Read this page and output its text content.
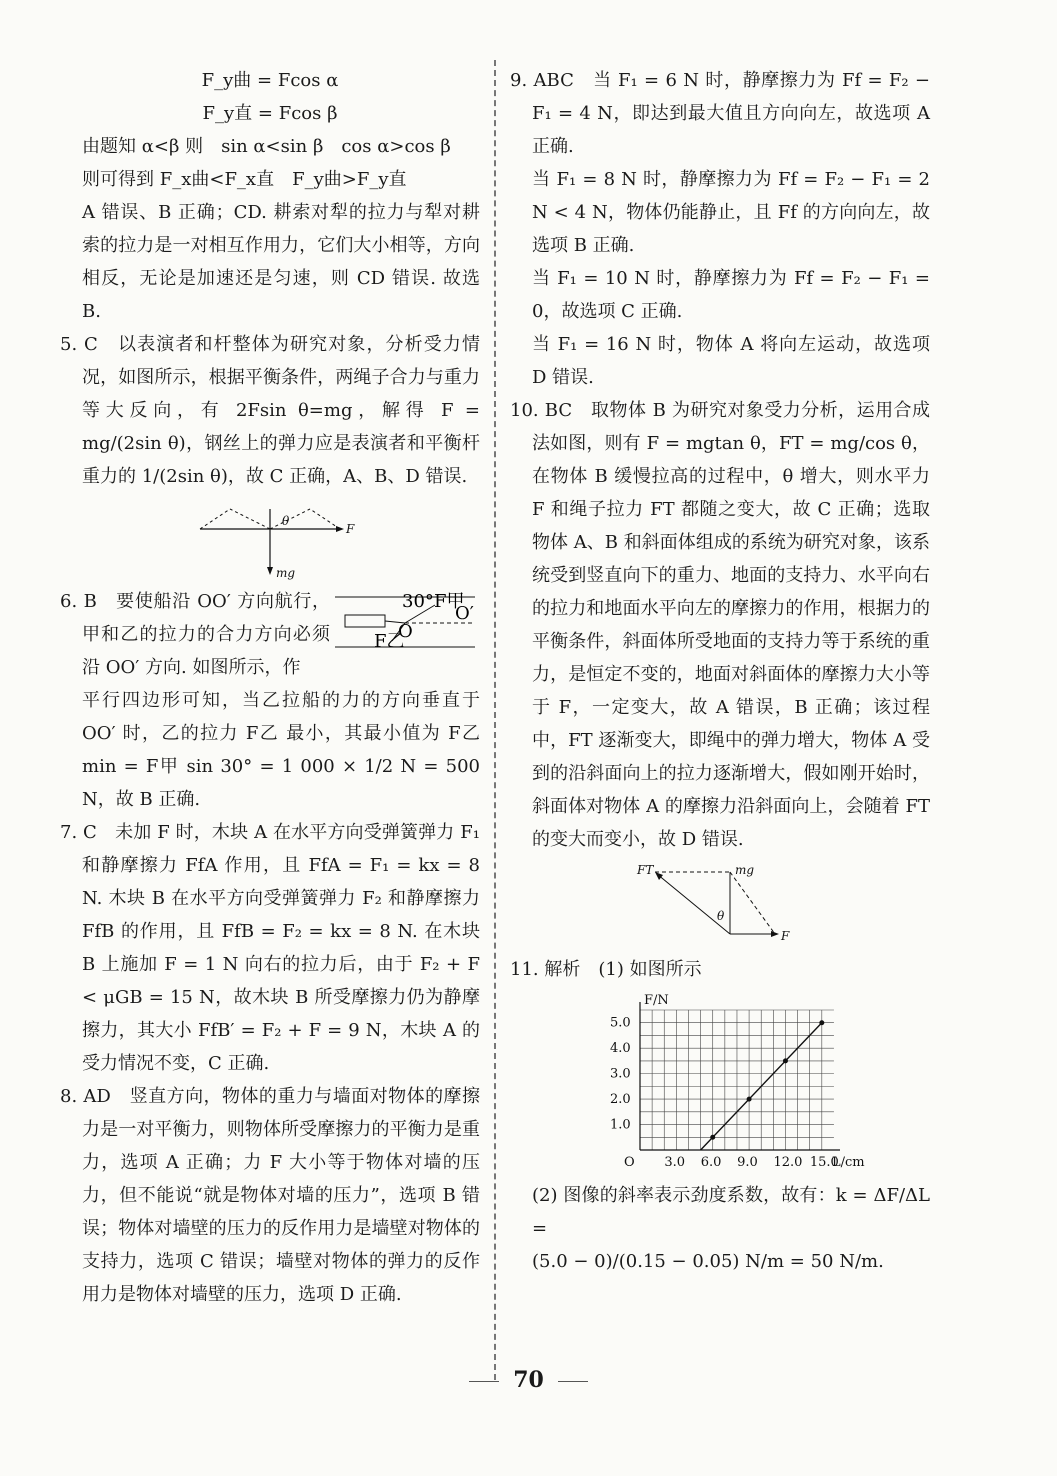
F_y曲 = Fcos α

F_y直 = Fcos β

由题知 α<β 则　sin α<sin β　cos α>cos β

则可得到 F_x曲<F_x直　F_y曲>F_y直

A 错误、B 正确；CD. 耕索对犁的拉力与犁对耕索的拉力是一对相互作用力，它们大小相等，方向相反，无论是加速还是匀速，则 CD 错误. 故选 B.

5. C　以表演者和杆整体为研究对象，分析受力情况，如图所示，根据平衡条件，两绳子合力与重力等大反向，有 2Fsin θ=mg，解得 F = mg/(2sin θ)，钢丝上的弹力应是表演者和平衡杆重力的 1/(2sin θ)，故 C 正确，A、B、D 错误.

θ
F
mg

6. B　要使船沿 OO′ 方向航行，甲和乙的拉力的合力方向必须沿 OO′ 方向. 如图所示，作

30° F甲
O
O′
F乙

平行四边形可知，当乙拉船的力的方向垂直于 OO′ 时，乙的拉力 F乙 最小，其最小值为 F乙min = F甲 sin 30° = 1 000 × 1/2 N = 500 N，故 B 正确.

7. C　未加 F 时，木块 A 在水平方向受弹簧弹力 F₁ 和静摩擦力 FfA 作用，且 FfA = F₁ = kx = 8 N. 木块 B 在水平方向受弹簧弹力 F₂ 和静摩擦力 FfB 的作用，且 FfB = F₂ = kx = 8 N. 在木块 B 上施加 F = 1 N 向右的拉力后，由于 F₂ + F < μGB = 15 N，故木块 B 所受摩擦力仍为静摩擦力，其大小 FfB′ = F₂ + F = 9 N，木块 A 的受力情况不变，C 正确.

8. AD　竖直方向，物体的重力与墙面对物体的摩擦力是一对平衡力，则物体所受摩擦力的平衡力是重力，选项 A 正确；力 F 大小等于物体对墙的压力，但不能说“就是物体对墙的压力”，选项 B 错误；物体对墙壁的压力的反作用力是墙壁对物体的支持力，选项 C 错误；墙壁对物体的弹力的反作用力是物体对墙壁的压力，选项 D 正确.

9. ABC　当 F₁ = 6 N 时，静摩擦力为 Ff = F₂ − F₁ = 4 N，即达到最大值且方向向左，故选项 A 正确.

当 F₁ = 8 N 时，静摩擦力为 Ff = F₂ − F₁ = 2 N < 4 N，物体仍能静止，且 Ff 的方向向左，故选项 B 正确.

当 F₁ = 10 N 时，静摩擦力为 Ff = F₂ − F₁ = 0，故选项 C 正确.

当 F₁ = 16 N 时，物体 A 将向左运动，故选项 D 错误.

10. BC　取物体 B 为研究对象受力分析，运用合成法如图，则有 F = mgtan θ，FT = mg/cos θ，在物体 B 缓慢拉高的过程中，θ 增大，则水平力 F 和绳子拉力 FT 都随之变大，故 C 正确；选取物体 A、B 和斜面体组成的系统为研究对象，该系统受到竖直向下的重力、地面的支持力、水平向右的拉力和地面水平向左的摩擦力的作用，根据力的平衡条件，斜面体所受地面的支持力等于系统的重力，是恒定不变的，地面对斜面体的摩擦力大小等于 F，一定变大，故 A 错误，B 正确；该过程中，FT 逐渐变大，即绳中的弹力增大，物体 A 受到的沿斜面向上的拉力逐渐增大，假如刚开始时，斜面体对物体 A 的摩擦力沿斜面向上，会随着 FT 的变大而变小，故 D 错误.

FT	mg
θ
F

11. 解析　(1) 如图所示

L/cm
F/N
O 3.0 6.0 9.0 12.0 15.0
1.0
2.0
3.0
4.0
5.0

(2) 图像的斜率表示劲度系数，故有：k = ΔF/ΔL =

(5.0 − 0)/(0.15 − 0.05) N/m = 50 N/m.

70
